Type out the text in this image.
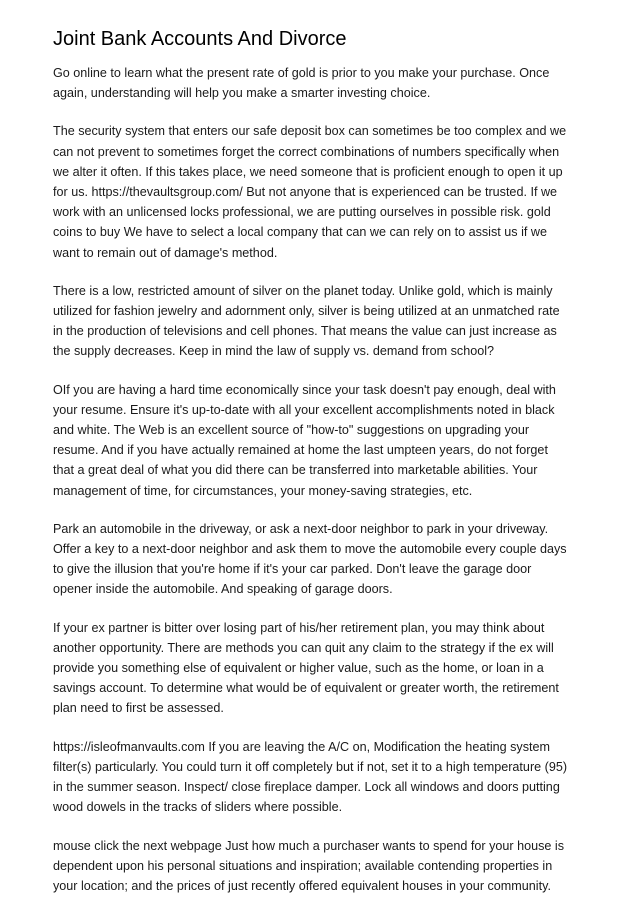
Joint Bank Accounts And Divorce

Go online to learn what the present rate of gold is prior to you make your purchase. Once
again, understanding will help you make a smarter investing choice.

The security system that enters our safe deposit box can sometimes be too complex and we
can not prevent to sometimes forget the correct combinations of numbers specifically when
we alter it often. If this takes place, we need someone that is proficient enough to open it up
for us. https://thevaultsgroup.com/ But not anyone that is experienced can be trusted. If we
work with an unlicensed locks professional, we are putting ourselves in possible risk. gold
coins to buy We have to select a local company that can we can rely on to assist us if we
want to remain out of damage's method.

There is a low, restricted amount of silver on the planet today. Unlike gold, which is mainly
utilized for fashion jewelry and adornment only, silver is being utilized at an unmatched rate
in the production of televisions and cell phones. That means the value can just increase as
the supply decreases. Keep in mind the law of supply vs. demand from school?

OIf you are having a hard time economically since your task doesn't pay enough, deal with
your resume. Ensure it's up-to-date with all your excellent accomplishments noted in black
and white. The Web is an excellent source of "how-to" suggestions on upgrading your
resume. And if you have actually remained at home the last umpteen years, do not forget
that a great deal of what you did there can be transferred into marketable abilities. Your
management of time, for circumstances, your money-saving strategies, etc.

Park an automobile in the driveway, or ask a next-door neighbor to park in your driveway.
Offer a key to a next-door neighbor and ask them to move the automobile every couple days
to give the illusion that you're home if it's your car parked. Don't leave the garage door
opener inside the automobile. And speaking of garage doors.

If your ex partner is bitter over losing part of his/her retirement plan, you may think about
another opportunity. There are methods you can quit any claim to the strategy if the ex will
provide you something else of equivalent or higher value, such as the home, or loan in a
savings account. To determine what would be of equivalent or greater worth, the retirement
plan need to first be assessed.

https://isleofmanvaults.com If you are leaving the A/C on, Modification the heating system
filter(s) particularly. You could turn it off completely but if not, set it to a high temperature (95)
in the summer season. Inspect/ close fireplace damper. Lock all windows and doors putting
wood dowels in the tracks of sliders where possible.

mouse click the next webpage Just how much a purchaser wants to spend for your house is
dependent upon his personal situations and inspiration; available contending properties in
your location; and the prices of just recently offered equivalent houses in your community.
